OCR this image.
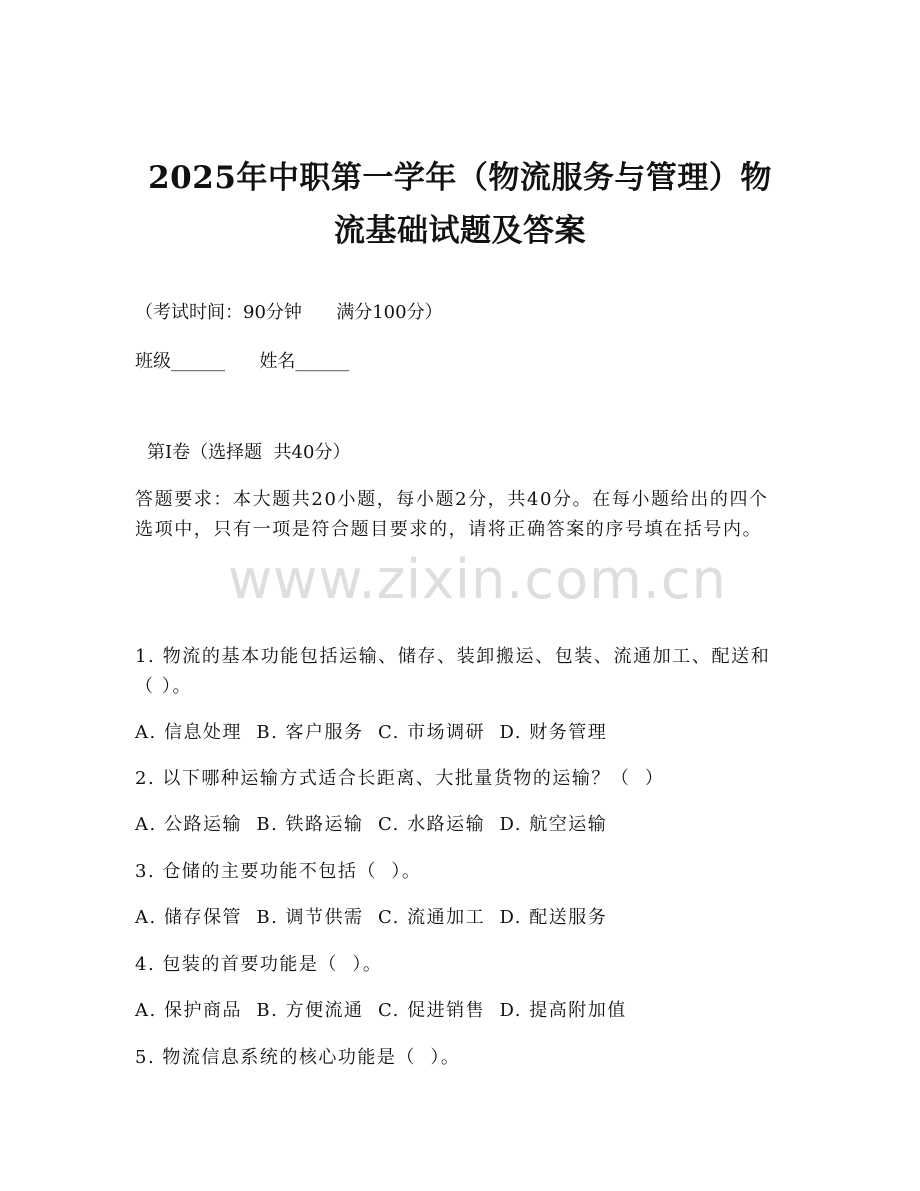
2025年中职第一学年（物流服务与管理）物
流基础试题及答案
（考试时间：90分钟      满分100分）
班级______      姓名______
第I卷（选择题  共40分）
答题要求：本大题共20小题，每小题2分，共40分。在每小题给出的四个选项中，只有一项是符合题目要求的，请将正确答案的序号填在括号内。
www.zixin.com.cn
1. 物流的基本功能包括运输、储存、装卸搬运、包装、流通加工、配送和（ ）。
A. 信息处理  B. 客户服务  C. 市场调研  D. 财务管理
2. 以下哪种运输方式适合长距离、大批量货物的运输？（  ）
A. 公路运输  B. 铁路运输  C. 水路运输  D. 航空运输
3. 仓储的主要功能不包括（  ）。
A. 储存保管  B. 调节供需  C. 流通加工  D. 配送服务
4. 包装的首要功能是（  ）。
A. 保护商品  B. 方便流通  C. 促进销售  D. 提高附加值
5. 物流信息系统的核心功能是（  ）。
